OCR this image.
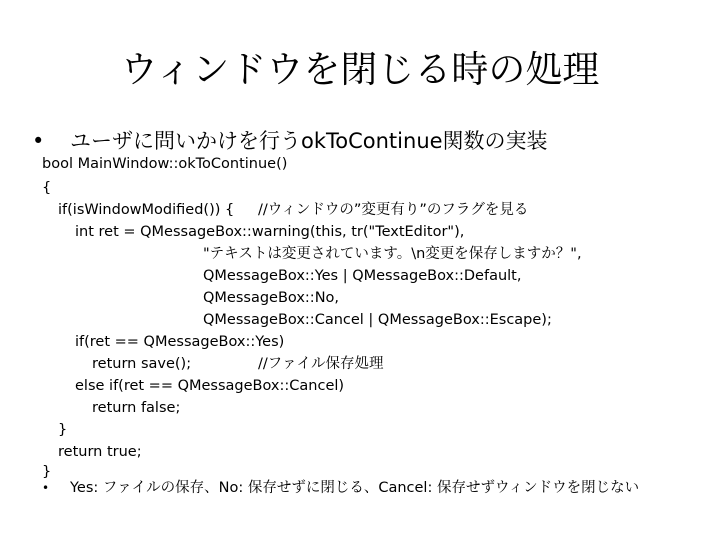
ウィンドウを閉じる時の処理
• ユーザに問いかけを行うokToContinue関数の実装
bool MainWindow::okToContinue()
{
if(isWindowModified()) { //ウィンドウの”変更有り”のフラグを見る
int ret = QMessageBox::warning(this, tr("TextEditor"),
"テキストは変更されています。\n変更を保存しますか？",
QMessageBox::Yes | QMessageBox::Default,
QMessageBox::No,
QMessageBox::Cancel | QMessageBox::Escape);
if(ret == QMessageBox::Yes)
return save();	//ファイル保存処理
else if(ret == QMessageBox::Cancel)
return false;
}
return true;
}
•	Yes: ファイルの保存、No: 保存せずに閉じる、Cancel: 保存せずウィンドウを閉じない
